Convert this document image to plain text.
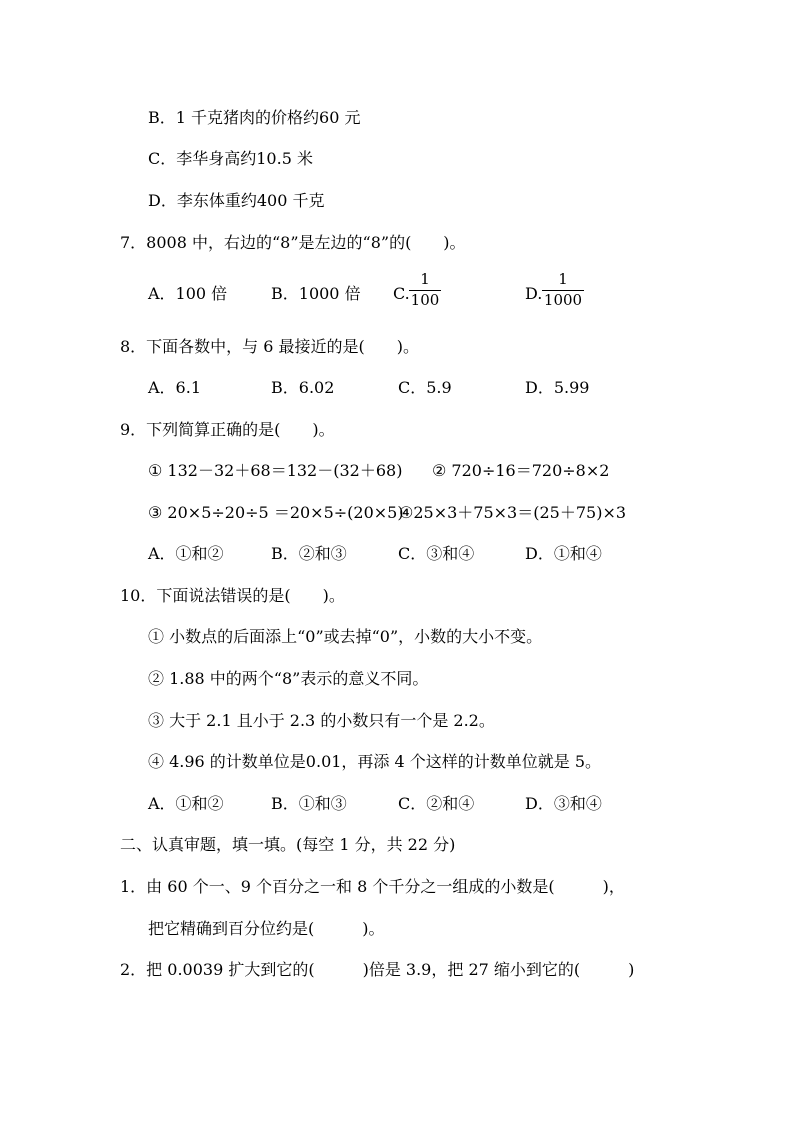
B．1 千克猪肉的价格约60 元
C．李华身高约10.5 米
D．李东体重约400 千克
7．8008 中，右边的“8”是左边的“8”的(　　)。
A．100 倍	B．1000 倍 C.
1
100	D.
1
1000
8．下面各数中，与 6 最接近的是(　　)。
A．6.1	B．6.02	C．5.9	D．5.99
9．下列简算正确的是(　　)。
① 132－32＋68＝132－(32＋68) ② 720÷16＝720÷8×2
③ 20×5÷20÷5 ＝20×5÷(20×5)
④25×3＋75×3＝(25＋75)×3
A．①和②	B．②和③	C．③和④	D．①和④
10．下面说法错误的是(　　)。
① 小数点的后面添上“0”或去掉“0”，小数的大小不变。
② 1.88 中的两个“8”表示的意义不同。
③ 大于 2.1 且小于 2.3 的小数只有一个是 2.2。
④ 4.96 的计数单位是0.01，再添 4 个这样的计数单位就是 5。
A．①和②	B．①和③	C．②和④	D．③和④
二、认真审题，填一填。(每空 1 分，共 22 分)
1．由 60 个一、9 个百分之一和 8 个千分之一组成的小数是(　　　)，
把它精确到百分位约是(　　　)。
2．把 0.0039 扩大到它的(　　　)倍是 3.9，把 27 缩小到它的(　　　)
